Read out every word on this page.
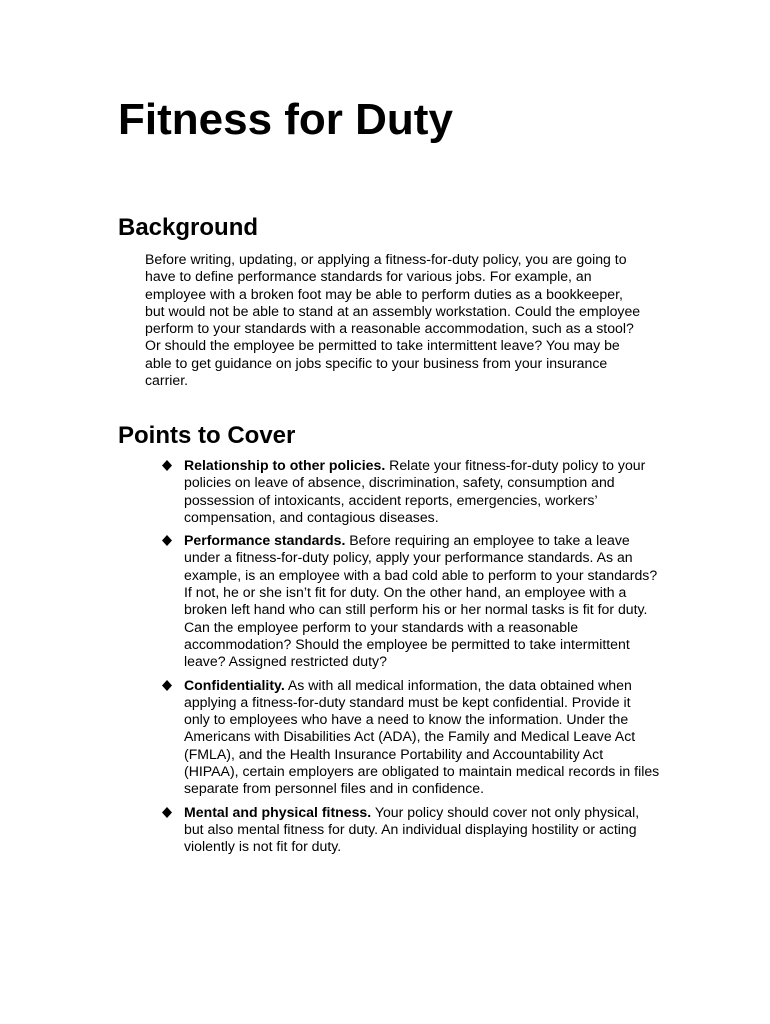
Fitness for Duty
Background

Before writing, updating, or applying a fitness-for-duty policy, you are going to have to define performance standards for various jobs. For example, an employee with a broken foot may be able to perform duties as a bookkeeper, but would not be able to stand at an assembly workstation. Could the employee perform to your standards with a reasonable accommodation, such as a stool? Or should the employee be permitted to take intermittent leave? You may be able to get guidance on jobs specific to your business from your insurance carrier.

Points to Cover
Relationship to other policies. Relate your fitness-for-duty policy to your policies on leave of absence, discrimination, safety, consumption and possession of intoxicants, accident reports, emergencies, workers’ compensation, and contagious diseases.
Performance standards. Before requiring an employee to take a leave under a fitness-for-duty policy, apply your performance standards. As an example, is an employee with a bad cold able to perform to your standards? If not, he or she isn’t fit for duty. On the other hand, an employee with a broken left hand who can still perform his or her normal tasks is fit for duty. Can the employee perform to your standards with a reasonable accommodation? Should the employee be permitted to take intermittent leave? Assigned restricted duty?
Confidentiality. As with all medical information, the data obtained when applying a fitness-for-duty standard must be kept confidential. Provide it only to employees who have a need to know the information. Under the Americans with Disabilities Act (ADA), the Family and Medical Leave Act (FMLA), and the Health Insurance Portability and Accountability Act (HIPAA), certain employers are obligated to maintain medical records in files separate from personnel files and in confidence.
Mental and physical fitness. Your policy should cover not only physical, but also mental fitness for duty. An individual displaying hostility or acting violently is not fit for duty.
